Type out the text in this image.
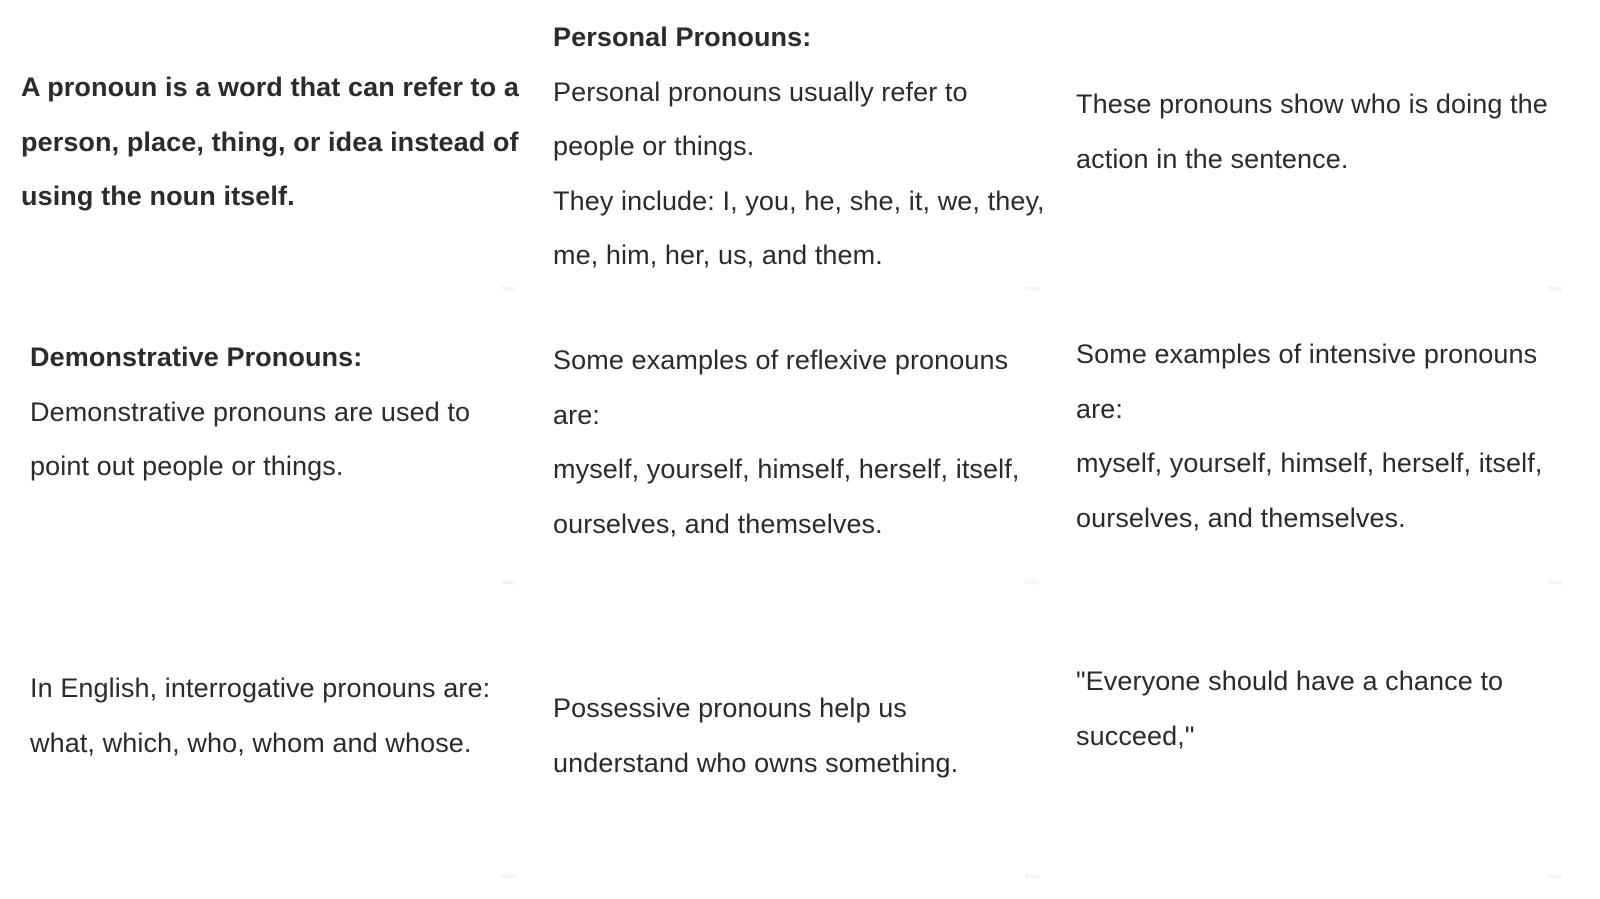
A pronoun is a word that can refer to a

person, place, thing, or idea instead of

using the noun itself.

Personal Pronouns:

Personal pronouns usually refer to

people or things.

They include: I, you, he, she, it, we, they,

me, him, her, us, and them.

These pronouns show who is doing the

action in the sentence.

Demonstrative Pronouns:

Demonstrative pronouns are used to

point out people or things.

Some examples of reflexive pronouns

are:

myself, yourself, himself, herself, itself,

ourselves, and themselves.

Some examples of intensive pronouns

are:

myself, yourself, himself, herself, itself,

ourselves, and themselves.

In English, interrogative pronouns are:

what, which, who, whom and whose.

Possessive pronouns help us

understand who owns something.

"Everyone should have a chance to

succeed,"

Brainy	Brainy	Brainy
Brainy	Brainy	Brainy
Brainy	Brainy	Brainy
